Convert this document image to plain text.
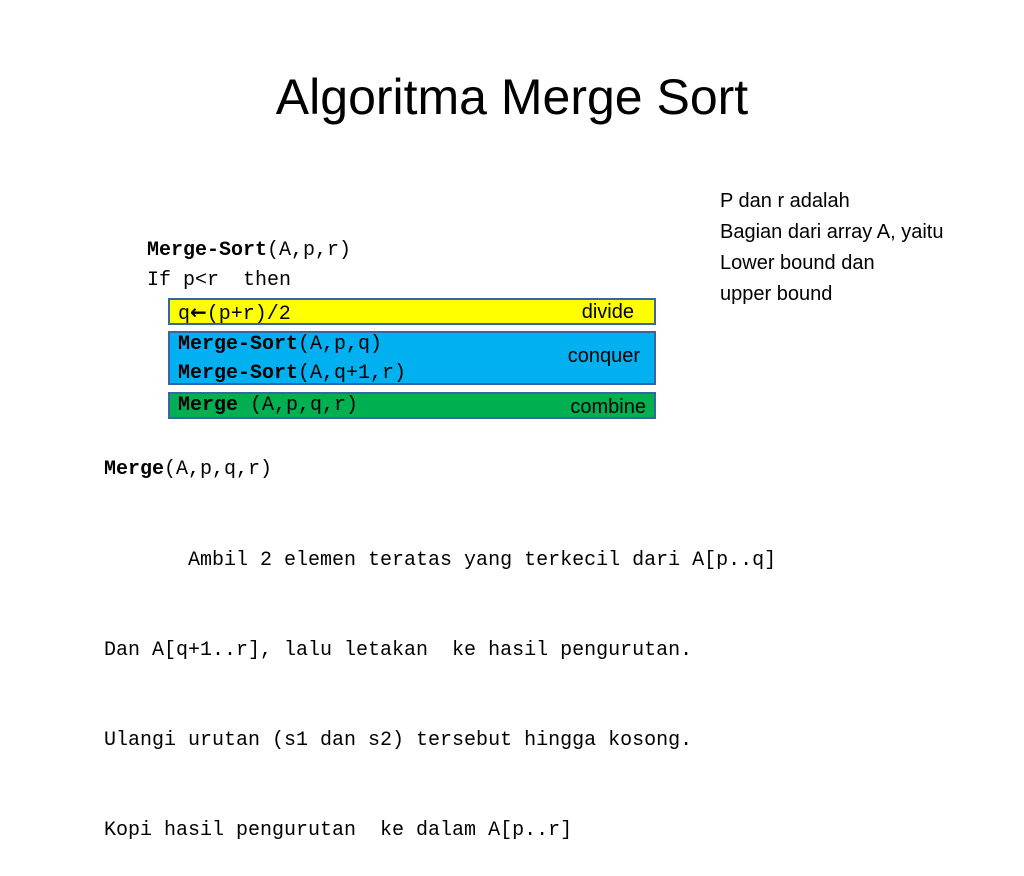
Algoritma Merge Sort
Merge-Sort(A,p,r)
If p<r  then
q←(p+r)/2	divide
Merge-Sort(A,p,q)
Merge-Sort(A,q+1,r)
conquer
Merge (A,p,q,r)	combine
P dan r adalah
Bagian dari array A, yaitu
Lower bound dan
upper bound
Merge(A,p,q,r)

Ambil 2 elemen teratas yang terkecil dari A[p..q]

Dan A[q+1..r], lalu letakan  ke hasil pengurutan.

Ulangi urutan (s1 dan s2) tersebut hingga kosong.

Kopi hasil pengurutan  ke dalam A[p..r]
